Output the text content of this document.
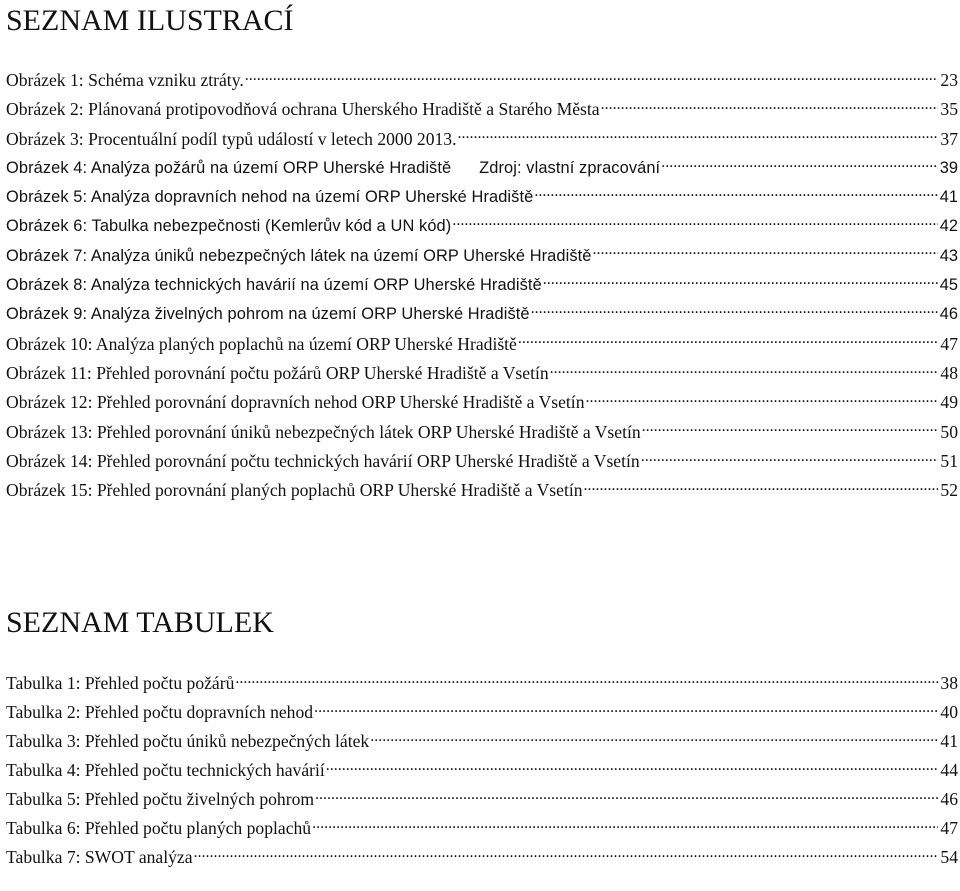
SEZNAM ILUSTRACÍ
Obrázek 1: Schéma vzniku ztráty. .....	23
Obrázek 2: Plánovaná protipovodňová ochrana Uherského Hradiště a Starého Města .....	35
Obrázek 3: Procentuální podíl typů událostí v letech 2000 2013. .....	37
Obrázek 4: Analýza požárů na území ORP Uherské Hradiště      Zdroj: vlastní zpracování .....	39
Obrázek 5: Analýza dopravních nehod na území ORP Uherské Hradiště .....	41
Obrázek 6: Tabulka nebezpečnosti (Kemlerův kód a UN kód) .....	42
Obrázek 7: Analýza úniků nebezpečných látek na území ORP Uherské Hradiště .....	43
Obrázek 8: Analýza technických havárií na území ORP Uherské Hradiště .....	45
Obrázek 9: Analýza živelných pohrom na území ORP Uherské Hradiště .....	46
Obrázek 10: Analýza planých poplachů na území ORP Uherské Hradiště .....	47
Obrázek 11: Přehled porovnání počtu požárů ORP Uherské Hradiště a Vsetín .....	48
Obrázek 12: Přehled porovnání dopravních nehod ORP Uherské Hradiště a Vsetín .....	49
Obrázek 13: Přehled porovnání úniků nebezpečných látek ORP Uherské Hradiště a Vsetín .....	50
Obrázek 14: Přehled porovnání počtu technických havárií ORP Uherské Hradiště a Vsetín .....	51
Obrázek 15: Přehled porovnání planých poplachů ORP Uherské Hradiště a Vsetín .....	52
SEZNAM TABULEK
Tabulka 1: Přehled počtu požárů .....	38
Tabulka 2: Přehled počtu dopravních nehod .....	40
Tabulka 3: Přehled počtu úniků nebezpečných látek .....	41
Tabulka 4: Přehled počtu technických havárií .....	44
Tabulka 5: Přehled počtu živelných pohrom .....	46
Tabulka 6: Přehled počtu planých poplachů .....	47
Tabulka 7: SWOT analýza .....	54
